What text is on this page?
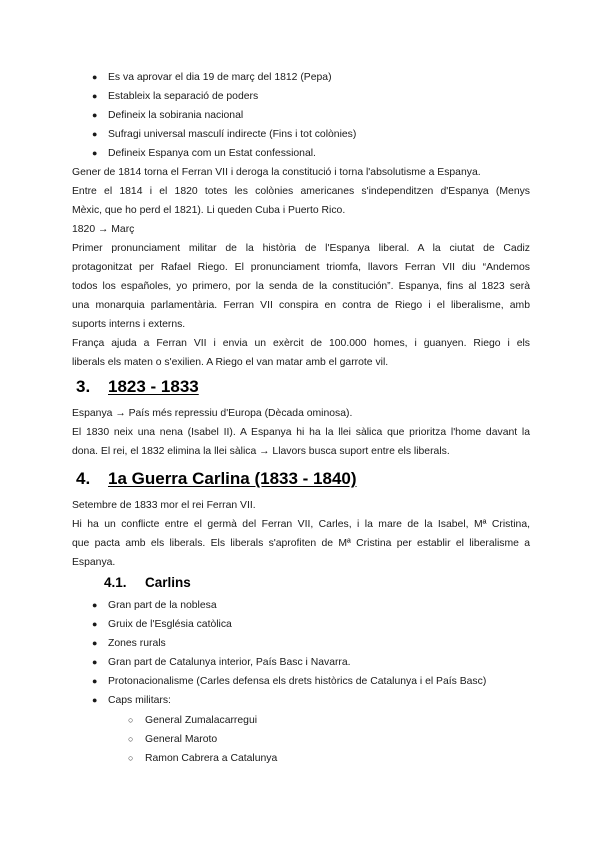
● Es va aprovar el dia 19 de març del 1812 (Pepa)
● Estableix la separació de poders
● Defineix la sobirania nacional
● Sufragi universal masculí indirecte (Fins i tot colònies)
● Defineix Espanya com un Estat confessional.
Gener de 1814 torna el Ferran VII i deroga la constitució i torna l'absolutisme a Espanya.
Entre el 1814 i el 1820 totes les colònies americanes s'independitzen d'Espanya (Menys
Mèxic, que ho perd el 1821). Li queden Cuba i Puerto Rico.
1820 → Març
Primer pronunciament militar de la història de l'Espanya liberal. A la ciutat de Cadiz
protagonitzat per Rafael Riego. El pronunciament triomfa, llavors Ferran VII diu “Andemos
todos los españoles, yo primero, por la senda de la constitución”. Espanya, fins al 1823 serà
una monarquia parlamentària. Ferran VII conspira en contra de Riego i el liberalisme, amb
suports interns i externs.
França ajuda a Ferran VII i envia un exèrcit de 100.000 homes, i guanyen. Riego i els
liberals els maten o s'exilien. A Riego el van matar amb el garrote vil.
3. 1823 - 1833
Espanya → País més repressiu d'Europa (Dècada ominosa).
El 1830 neix una nena (Isabel II). A Espanya hi ha la llei sàlica que prioritza l'home davant la
dona. El rei, el 1832 elimina la llei sàlica → Llavors busca suport entre els liberals.
4. 1a Guerra Carlina (1833 - 1840)
Setembre de 1833 mor el rei Ferran VII.
Hi ha un conflicte entre el germà del Ferran VII, Carles, i la mare de la Isabel, Mª Cristina,
que pacta amb els liberals. Els liberals s'aprofiten de Mª Cristina per establir el liberalisme a
Espanya.
4.1. Carlins
● Gran part de la noblesa
● Gruix de l'Església catòlica
● Zones rurals
● Gran part de Catalunya interior, País Basc i Navarra.
● Protonacionalisme (Carles defensa els drets històrics de Catalunya i el País Basc)
● Caps militars:
○ General Zumalacarregui
○ General Maroto
○ Ramon Cabrera a Catalunya
